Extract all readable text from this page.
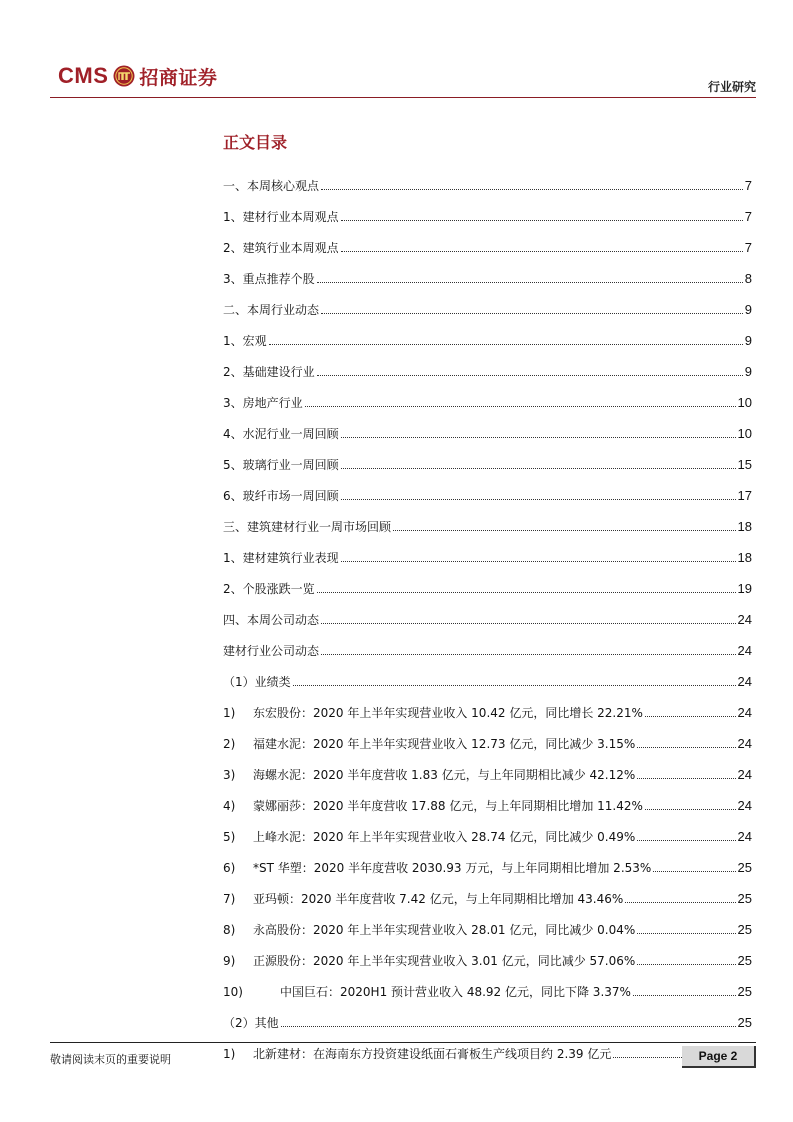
CMS 招商证券	行业研究
正文目录
一、本周核心观点	7
1、建材行业本周观点	7
2、建筑行业本周观点	7
3、重点推荐个股	8
二、本周行业动态	9
1、宏观	9
2、基础建设行业	9
3、房地产行业	10
4、水泥行业一周回顾	10
5、玻璃行业一周回顾	15
6、玻纤市场一周回顾	17
三、建筑建材行业一周市场回顾	18
1、建材建筑行业表现	18
2、个股涨跌一览	19
四、本周公司动态	24
建材行业公司动态	24
（1）业绩类	24
1) 东宏股份：2020 年上半年实现营业收入 10.42 亿元，同比增长 22.21%	24
2) 福建水泥：2020 年上半年实现营业收入 12.73 亿元，同比减少 3.15%	24
3) 海螺水泥：2020 半年度营收 1.83 亿元，与上年同期相比减少 42.12%	24
4) 蒙娜丽莎：2020 半年度营收 17.88 亿元，与上年同期相比增加 11.42%	24
5) 上峰水泥：2020 年上半年实现营业收入 28.74 亿元，同比减少 0.49%	24
6) *ST 华塑：2020 半年度营收 2030.93 万元，与上年同期相比增加 2.53%	25
7) 亚玛顿：2020 半年度营收 7.42 亿元，与上年同期相比增加 43.46%	25
8) 永高股份：2020 年上半年实现营业收入 28.01 亿元，同比减少 0.04%	25
9) 正源股份：2020 年上半年实现营业收入 3.01 亿元，同比减少 57.06%	25
10)	中国巨石：2020H1 预计营业收入 48.92 亿元，同比下降 3.37%	25
（2）其他	25
1) 北新建材：在海南东方投资建设纸面石膏板生产线项目约 2.39 亿元
敬请阅读末页的重要说明	Page 2
